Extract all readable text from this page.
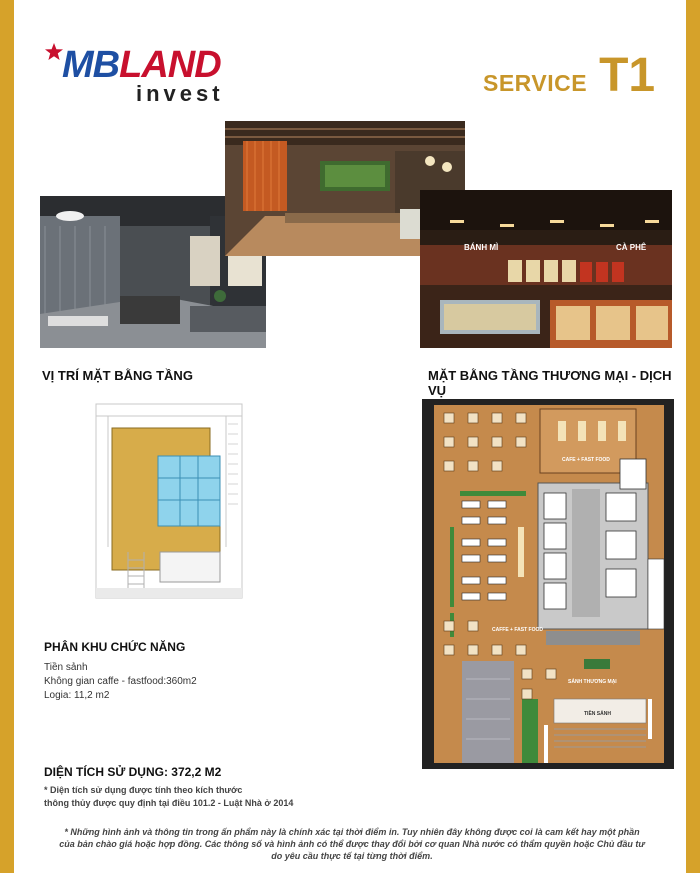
MBLAND
invest	SERVICE T1
BÁNH MÌ	CÀ PHÊ
VỊ TRÍ MẶT BẰNG TẦNG	MẶT BẰNG TẦNG THƯƠNG MẠI - DỊCH VỤ
CAFE + FAST FOOD
CAFFE + FAST FOOD
SẢNH THƯƠNG MẠI
TIỀN SẢNH
PHÂN KHU CHỨC NĂNG
Tiền sảnh
Không gian caffe - fastfood:360m2
Logia: 11,2 m2
DIỆN TÍCH SỬ DỤNG: 372,2 M2
* Diện tích sử dụng được tính theo kích thước
thông thủy được quy định tại điều 101.2 - Luật Nhà ở 2014
* Những hình ảnh và thông tin trong ấn phẩm này là chính xác tại thời điểm in. Tuy nhiên đây không được coi là cam kết hay một phần
của bản chào giá hoặc hợp đồng. Các thông số và hình ảnh có thể được thay đổi bởi cơ quan Nhà nước có thẩm quyền hoặc Chủ đầu tư
do yêu cầu thực tế tại từng thời điểm.
